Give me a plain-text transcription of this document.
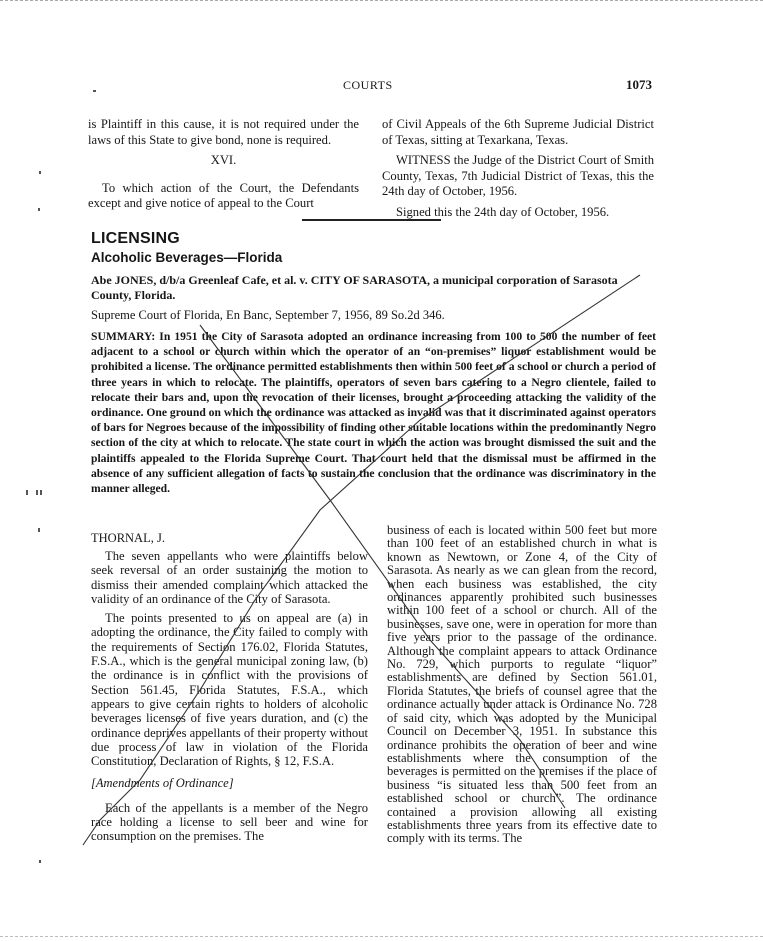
COURTS	1073

is Plaintiff in this cause, it is not required under the laws of this State to give bond, none is required.

XVI.

To which action of the Court, the Defendants except and give notice of appeal to the Court

of Civil Appeals of the 6th Supreme Judicial District of Texas, sitting at Texarkana, Texas.

WITNESS the Judge of the District Court of Smith County, Texas, 7th Judicial District of Texas, this the 24th day of October, 1956.

Signed this the 24th day of October, 1956.

LICENSING
Alcoholic Beverages—Florida
Abe JONES, d/b/a Greenleaf Cafe, et al. v. CITY OF SARASOTA, a municipal corporation of Sarasota County, Florida.
Supreme Court of Florida, En Banc, September 7, 1956, 89 So.2d 346.
SUMMARY: In 1951 the City of Sarasota adopted an ordinance increasing from 100 to 500 the number of feet adjacent to a school or church within which the operator of an “on-premises” liquor establishment would be prohibited a license. The ordinance permitted establishments then within 500 feet of a school or church a period of three years in which to relocate. The plaintiffs, operators of seven bars catering to a Negro clientele, failed to relocate their bars and, upon the revocation of their licenses, brought a proceeding attacking the validity of the ordinance. One ground on which the ordinance was attacked as invalid was that it discriminated against operators of bars for Negroes because of the impossibility of finding other suitable locations within the predominantly Negro section of the city at which to relocate. The state court in which the action was brought dismissed the suit and the plaintiffs appealed to the Florida Supreme Court. That court held that the dismissal must be affirmed in the absence of any sufficient allegation of facts to sustain the conclusion that the ordinance was discriminatory in the manner alleged.
THORNAL, J.

The seven appellants who were plaintiffs below seek reversal of an order sustaining the motion to dismiss their amended complaint which attacked the validity of an ordinance of the City of Sarasota.

The points presented to us on appeal are (a) in adopting the ordinance, the City failed to comply with the requirements of Section 176.02, Florida Statutes, F.S.A., which is the general municipal zoning law, (b) the ordinance is in conflict with the provisions of Section 561.45, Florida Statutes, F.S.A., which appears to give certain rights to holders of alcoholic beverages licenses of five years duration, and (c) the ordinance deprives appellants of their property without due process of law in violation of the Florida Constitution, Declaration of Rights, § 12, F.S.A.

[Amendments of Ordinance]

Each of the appellants is a member of the Negro race holding a license to sell beer and wine for consumption on the premises. The

business of each is located within 500 feet but more than 100 feet of an established church in what is known as Newtown, or Zone 4, of the City of Sarasota. As nearly as we can glean from the record, when each business was established, the city ordinances apparently prohibited such businesses within 100 feet of a school or church. All of the businesses, save one, were in operation for more than five years prior to the passage of the ordinance. Although the complaint appears to attack Ordinance No. 729, which purports to regulate “liquor” establishments are defined by Section 561.01, Florida Statutes, the briefs of counsel agree that the ordinance actually under attack is Ordinance No. 728 of said city, which was adopted by the Municipal Council on December 3, 1951. In substance this ordinance prohibits the operation of beer and wine establishments where the consumption of the beverages is permitted on the premises if the place of business “is situated less than 500 feet from an established school or church”. The ordinance contained a provision allowing all existing establishments three years from its effective date to comply with its terms. The
